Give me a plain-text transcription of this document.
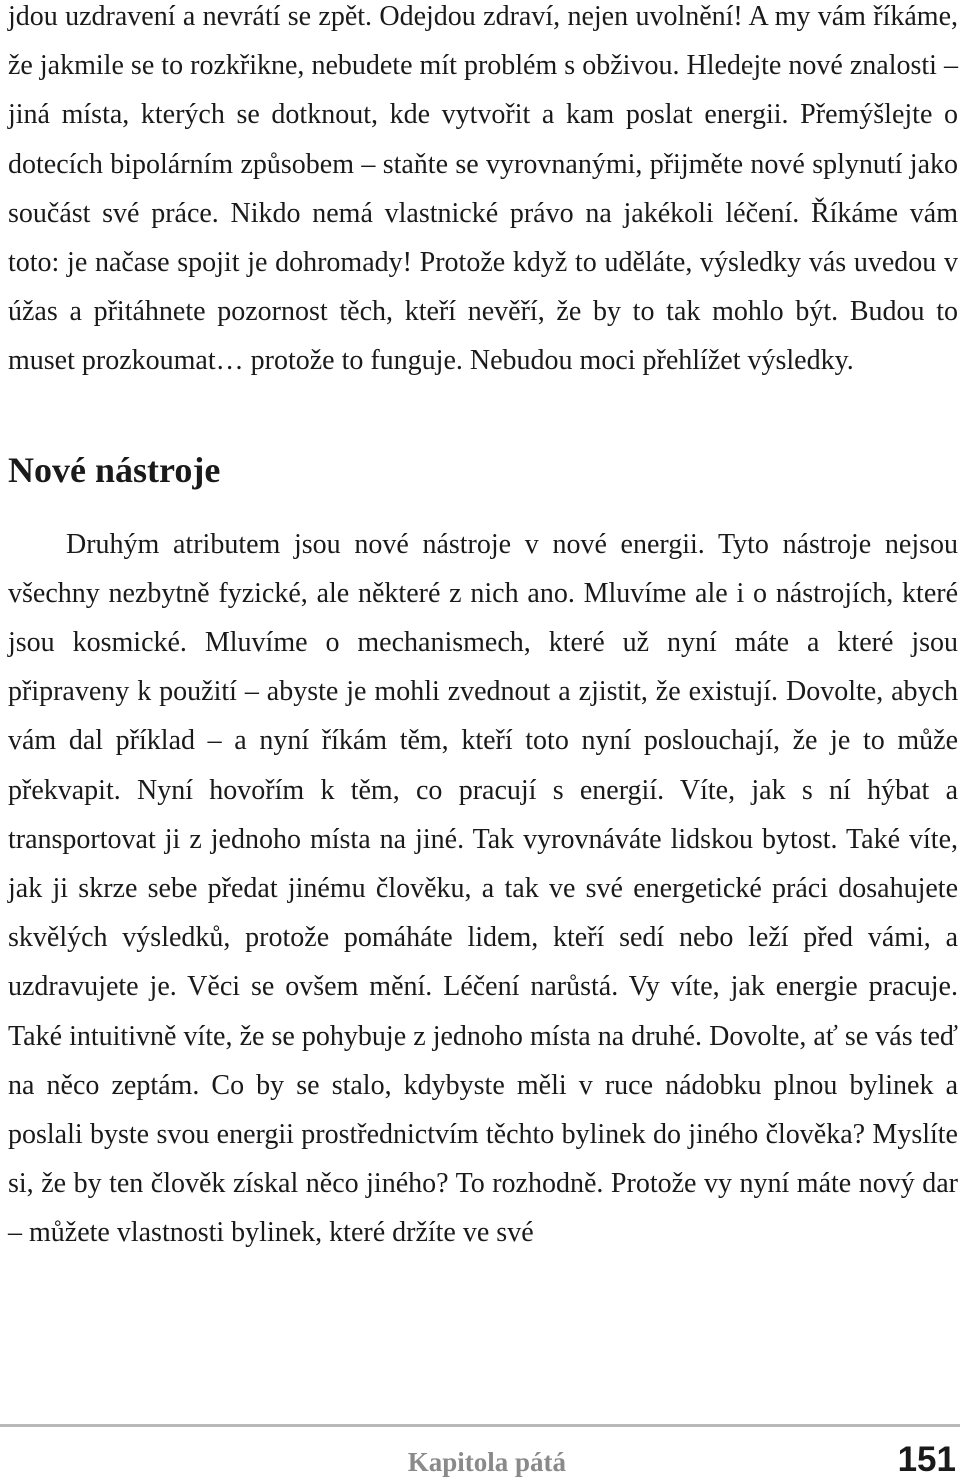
jdou uzdravení a nevrátí se zpět. Odejdou zdraví, nejen uvolnění! A my vám říkáme, že jakmile se to rozkřikne, nebudete mít problém s obživou. Hledejte nové znalosti – jiná místa, kterých se dotknout, kde vytvořit a kam poslat energii. Přemýšlejte o dotecích bipolárním způsobem – staňte se vyrovnanými, přijměte nové splynutí jako součást své práce. Nikdo nemá vlastnické právo na jakékoli léčení. Říkáme vám toto: je načase spojit je dohromady! Protože když to uděláte, výsledky vás uvedou v úžas a přitáhnete pozornost těch, kteří nevěří, že by to tak mohlo být. Budou to muset prozkoumat… protože to funguje. Nebudou moci přehlížet výsledky.

Nové nástroje

Druhým atributem jsou nové nástroje v nové energii. Tyto nástroje nejsou všechny nezbytně fyzické, ale některé z nich ano. Mluvíme ale i o nástrojích, které jsou kosmické. Mluvíme o mechanismech, které už nyní máte a které jsou připraveny k použití – abyste je mohli zvednout a zjistit, že existují. Dovolte, abych vám dal příklad – a nyní říkám těm, kteří toto nyní poslouchají, že je to může překvapit. Nyní hovořím k těm, co pracují s energií. Víte, jak s ní hýbat a transportovat ji z jednoho místa na jiné. Tak vyrovnáváte lidskou bytost. Také víte, jak ji skrze sebe předat jinému člověku, a tak ve své energetické práci dosahujete skvělých výsledků, protože pomáháte lidem, kteří sedí nebo leží před vámi, a uzdravujete je. Věci se ovšem mění. Léčení narůstá. Vy víte, jak energie pracuje. Také intuitivně víte, že se pohybuje z jednoho místa na druhé. Dovolte, ať se vás teď na něco zeptám. Co by se stalo, kdybyste měli v ruce nádobku plnou bylinek a poslali byste svou energii prostřednictvím těchto bylinek do jiného člověka? Myslíte si, že by ten člověk získal něco jiného? To rozhodně. Protože vy nyní máte nový dar – můžete vlastnosti bylinek, které držíte ve své

Kapitola pátá	151
